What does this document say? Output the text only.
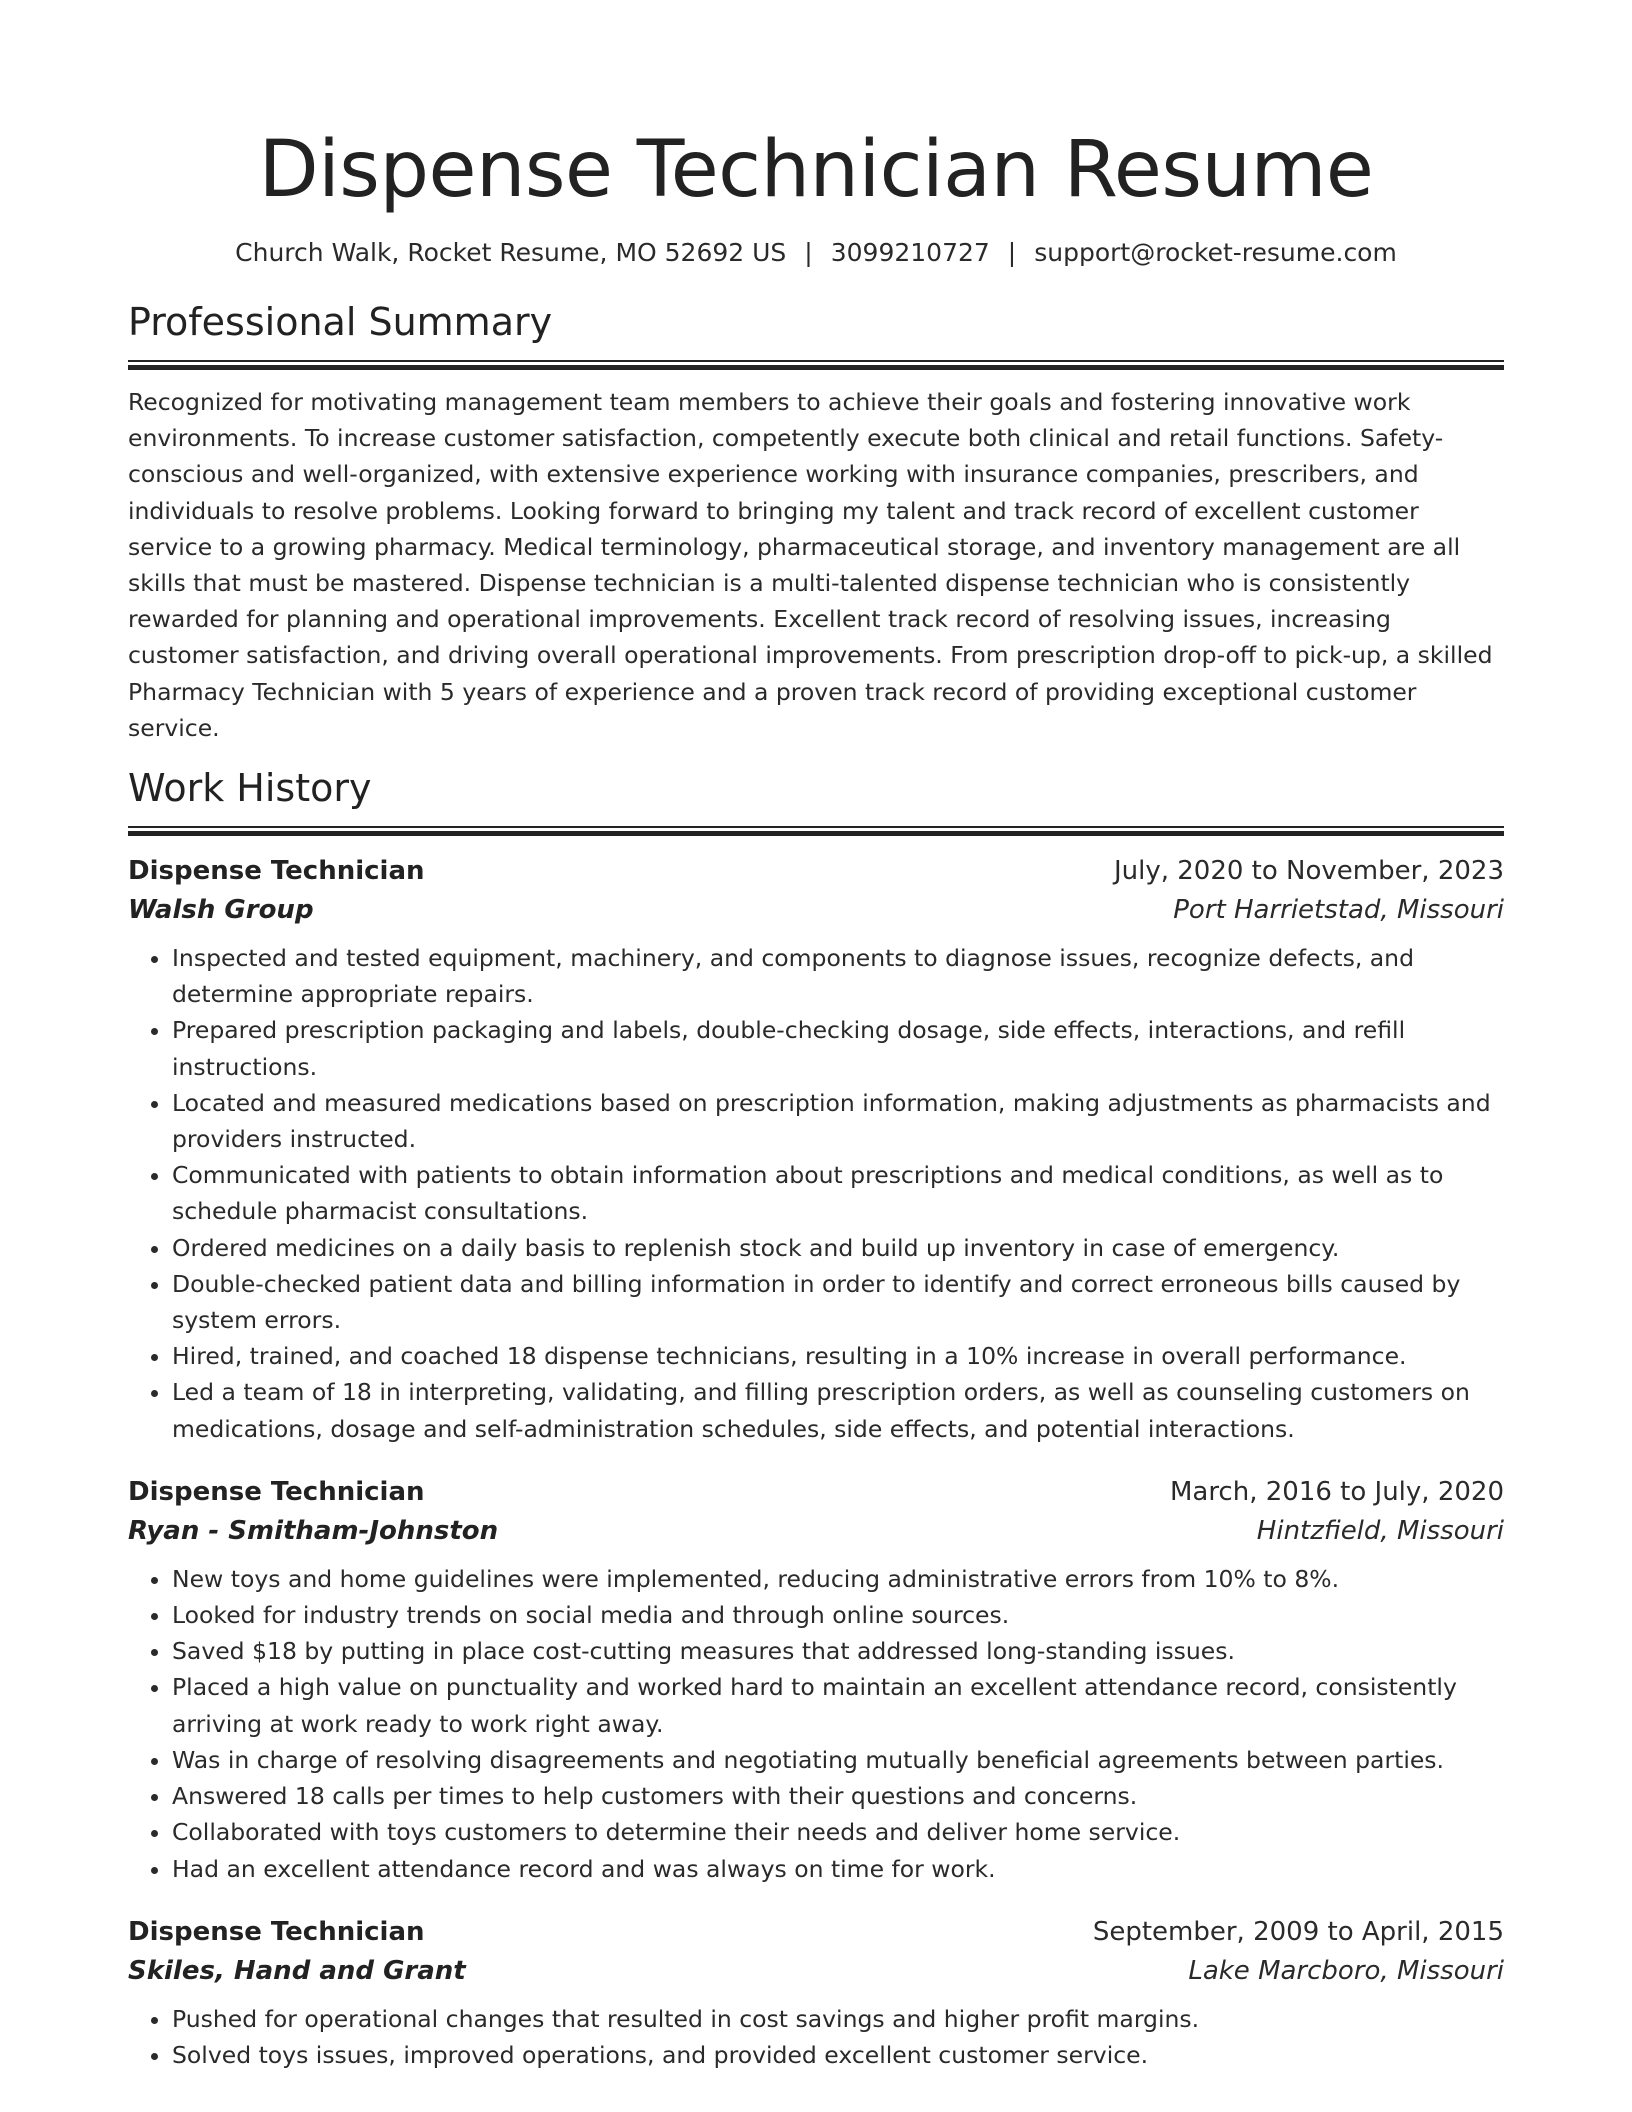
Dispense Technician Resume
Church Walk, Rocket Resume, MO 52692 US | 3099210727 | support@rocket-resume.com
Professional Summary

Recognized for motivating management team members to achieve their goals and fostering innovative work environments. To increase customer satisfaction, competently execute both clinical and retail functions. Safety-conscious and well-organized, with extensive experience working with insurance companies, prescribers, and individuals to resolve problems. Looking forward to bringing my talent and track record of excellent customer service to a growing pharmacy. Medical terminology, pharmaceutical storage, and inventory management are all skills that must be mastered. Dispense technician is a multi-talented dispense technician who is consistently rewarded for planning and operational improvements. Excellent track record of resolving issues, increasing customer satisfaction, and driving overall operational improvements. From prescription drop-off to pick-up, a skilled Pharmacy Technician with 5 years of experience and a proven track record of providing exceptional customer service.

Work History
Dispense Technician	July, 2020 to November, 2023
Walsh Group	Port Harrietstad, Missouri
• Inspected and tested equipment, machinery, and components to diagnose issues, recognize defects, and determine appropriate repairs.
• Prepared prescription packaging and labels, double-checking dosage, side effects, interactions, and refill instructions.
• Located and measured medications based on prescription information, making adjustments as pharmacists and providers instructed.
• Communicated with patients to obtain information about prescriptions and medical conditions, as well as to schedule pharmacist consultations.
• Ordered medicines on a daily basis to replenish stock and build up inventory in case of emergency.
• Double-checked patient data and billing information in order to identify and correct erroneous bills caused by system errors.
• Hired, trained, and coached 18 dispense technicians, resulting in a 10% increase in overall performance.
• Led a team of 18 in interpreting, validating, and filling prescription orders, as well as counseling customers on medications, dosage and self-administration schedules, side effects, and potential interactions.
Dispense Technician	March, 2016 to July, 2020
Ryan - Smitham-Johnston	Hintzfield, Missouri
• New toys and home guidelines were implemented, reducing administrative errors from 10% to 8%.
• Looked for industry trends on social media and through online sources.
• Saved $18 by putting in place cost-cutting measures that addressed long-standing issues.
• Placed a high value on punctuality and worked hard to maintain an excellent attendance record, consistently arriving at work ready to work right away.
• Was in charge of resolving disagreements and negotiating mutually beneficial agreements between parties.
• Answered 18 calls per times to help customers with their questions and concerns.
• Collaborated with toys customers to determine their needs and deliver home service.
• Had an excellent attendance record and was always on time for work.
Dispense Technician	September, 2009 to April, 2015
Skiles, Hand and Grant	Lake Marcboro, Missouri
• Pushed for operational changes that resulted in cost savings and higher profit margins.
• Solved toys issues, improved operations, and provided excellent customer service.
